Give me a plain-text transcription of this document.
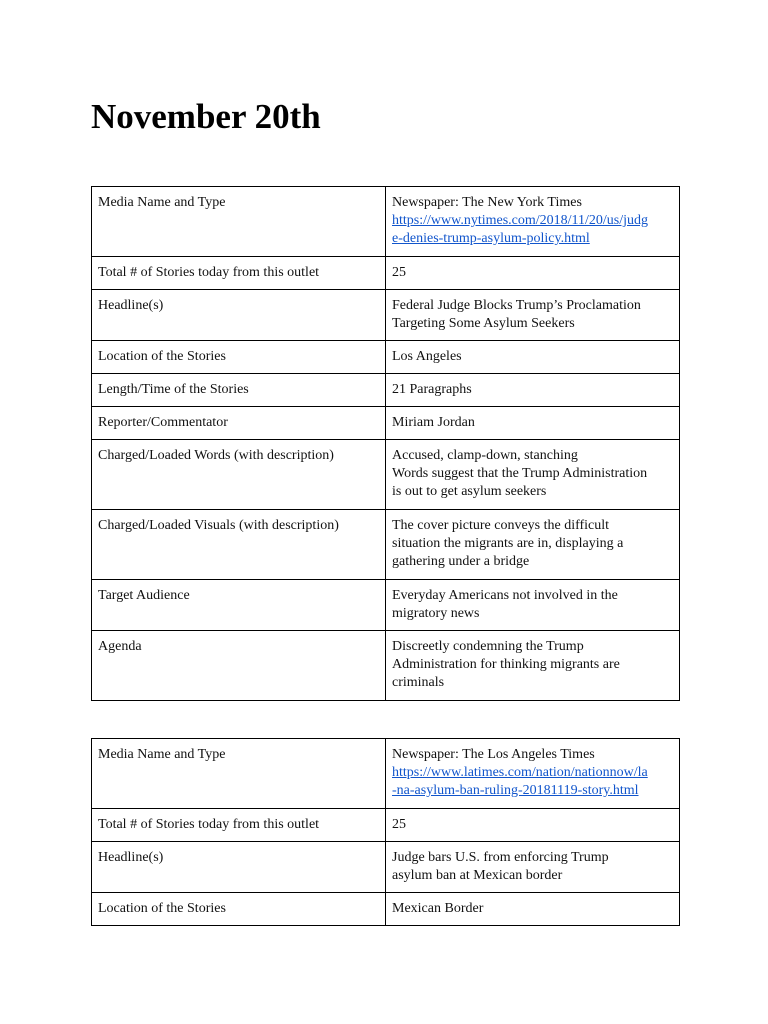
November 20th
Media Name and Type	Newspaper: The New York Times
https://www.nytimes.com/2018/11/20/us/judg
e-denies-trump-asylum-policy.html

Total # of Stories today from this outlet	25

Headline(s)	Federal Judge Blocks Trump’s Proclamation
Targeting Some Asylum Seekers

Location of the Stories	Los Angeles

Length/Time of the Stories	21 Paragraphs

Reporter/Commentator	Miriam Jordan

Charged/Loaded Words (with description)	Accused, clamp-down, stanching
Words suggest that the Trump Administration
is out to get asylum seekers

Charged/Loaded Visuals (with description)	The cover picture conveys the difficult
situation the migrants are in, displaying a
gathering under a bridge

Target Audience	Everyday Americans not involved in the
migratory news

Agenda	Discreetly condemning the Trump
Administration for thinking migrants are
criminals
Media Name and Type	Newspaper: The Los Angeles Times
https://www.latimes.com/nation/nationnow/la
-na-asylum-ban-ruling-20181119-story.html

Total # of Stories today from this outlet	25

Headline(s)	Judge bars U.S. from enforcing Trump
asylum ban at Mexican border

Location of the Stories	Mexican Border
